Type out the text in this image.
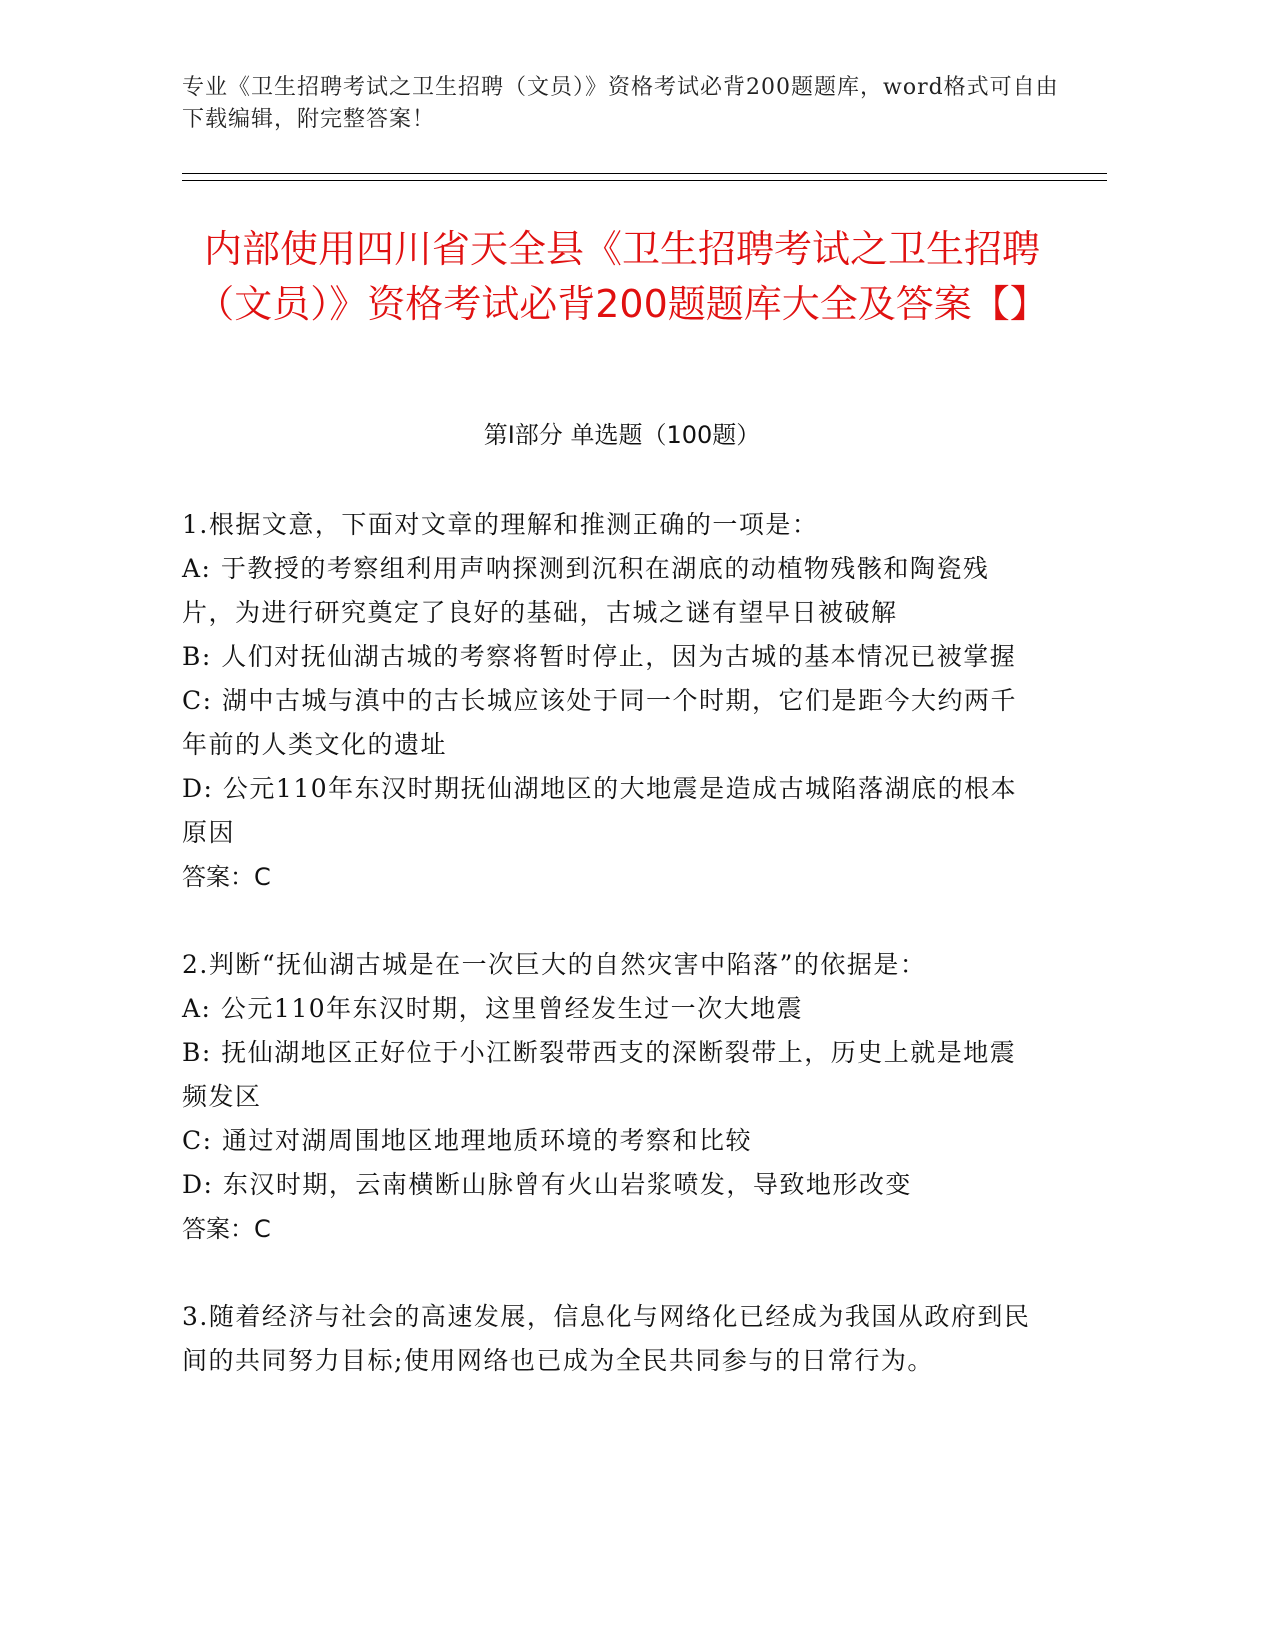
专业《卫生招聘考试之卫生招聘（文员）》资格考试必背200题题库，word格式可自由下载编辑，附完整答案！
内部使用四川省天全县《卫生招聘考试之卫生招聘（文员）》资格考试必背200题题库大全及答案【】
第I部分 单选题（100题）
1.根据文意，下面对文章的理解和推测正确的一项是：
A: 于教授的考察组利用声呐探测到沉积在湖底的动植物残骸和陶瓷残片，为进行研究奠定了良好的基础，古城之谜有望早日被破解
B: 人们对抚仙湖古城的考察将暂时停止，因为古城的基本情况已被掌握
C: 湖中古城与滇中的古长城应该处于同一个时期，它们是距今大约两千年前的人类文化的遗址
D: 公元110年东汉时期抚仙湖地区的大地震是造成古城陷落湖底的根本原因
答案：C
2.判断“抚仙湖古城是在一次巨大的自然灾害中陷落”的依据是：
A: 公元110年东汉时期，这里曾经发生过一次大地震
B: 抚仙湖地区正好位于小江断裂带西支的深断裂带上，历史上就是地震频发区
C: 通过对湖周围地区地理地质环境的考察和比较
D: 东汉时期，云南横断山脉曾有火山岩浆喷发，导致地形改变
答案：C
3.随着经济与社会的高速发展，信息化与网络化已经成为我国从政府到民间的共同努力目标;使用网络也已成为全民共同参与的日常行为。
